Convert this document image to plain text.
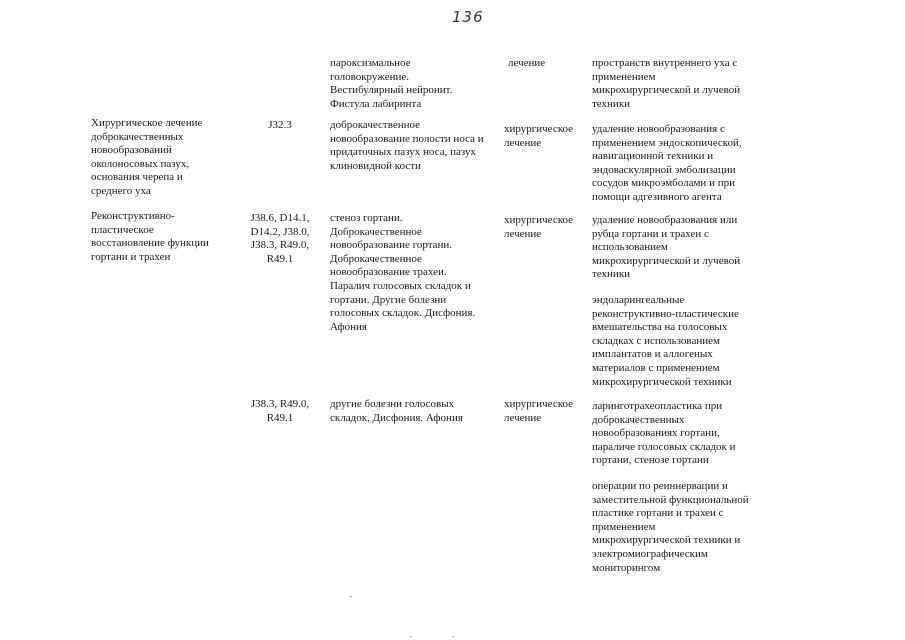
136
пароксизмальное
головокружение.
Вестибулярный нейронит.
Фистула лабиринта
лечение	пространств внутреннего уха с
применением
микрохирургической и лучевой
техники
Хирургическое лечение
доброкачественных
новообразований
околоносовых пазух,
основания черепа и
среднего уха
J32.3	доброкачественное
новообразование полости носа и
придаточных пазух носа, пазух
клиновидной кости
хирургическое
лечение
удаление новообразования с
применением эндоскопической,
навигационной техники и
эндоваскулярной эмболизации
сосудов микроэмболами и при
помощи адгезивного агента
Реконструктивно-
пластическое
восстановление функции
гортани и трахеи
J38.6, D14.1,
D14.2, J38.0,
J38.3, R49.0,
R49.1
стеноз гортани.
Доброкачественное
новообразование гортани.
Доброкачественное
новообразование трахеи.
Паралич голосовых складок и
гортани. Другие болезни
голосовых складок. Дисфония.
Афония
хирургическое
лечение
удаление новообразования или
рубца гортани и трахеи с
использованием
микрохирургической и лучевой
техники
эндоларингеальные
реконструктивно-пластические
вмешательства на голосовых
складках с использованием
имплантатов и аллогеных
материалов с применением
микрохирургической техники
J38.3, R49.0,
R49.1
другие болезни голосовых
складок. Дисфония. Афония
хирургическое
лечение
ларинготрахеопластика при
доброкачественных
новообразованиях гортани,
параличе голосовых складок и
гортани, стенозе гортани
операции по реиннервации и
заместительной функциональной
пластике гортани и трахеи с
применением
микрохирургической техники и
электромиографическим
мониторингом
